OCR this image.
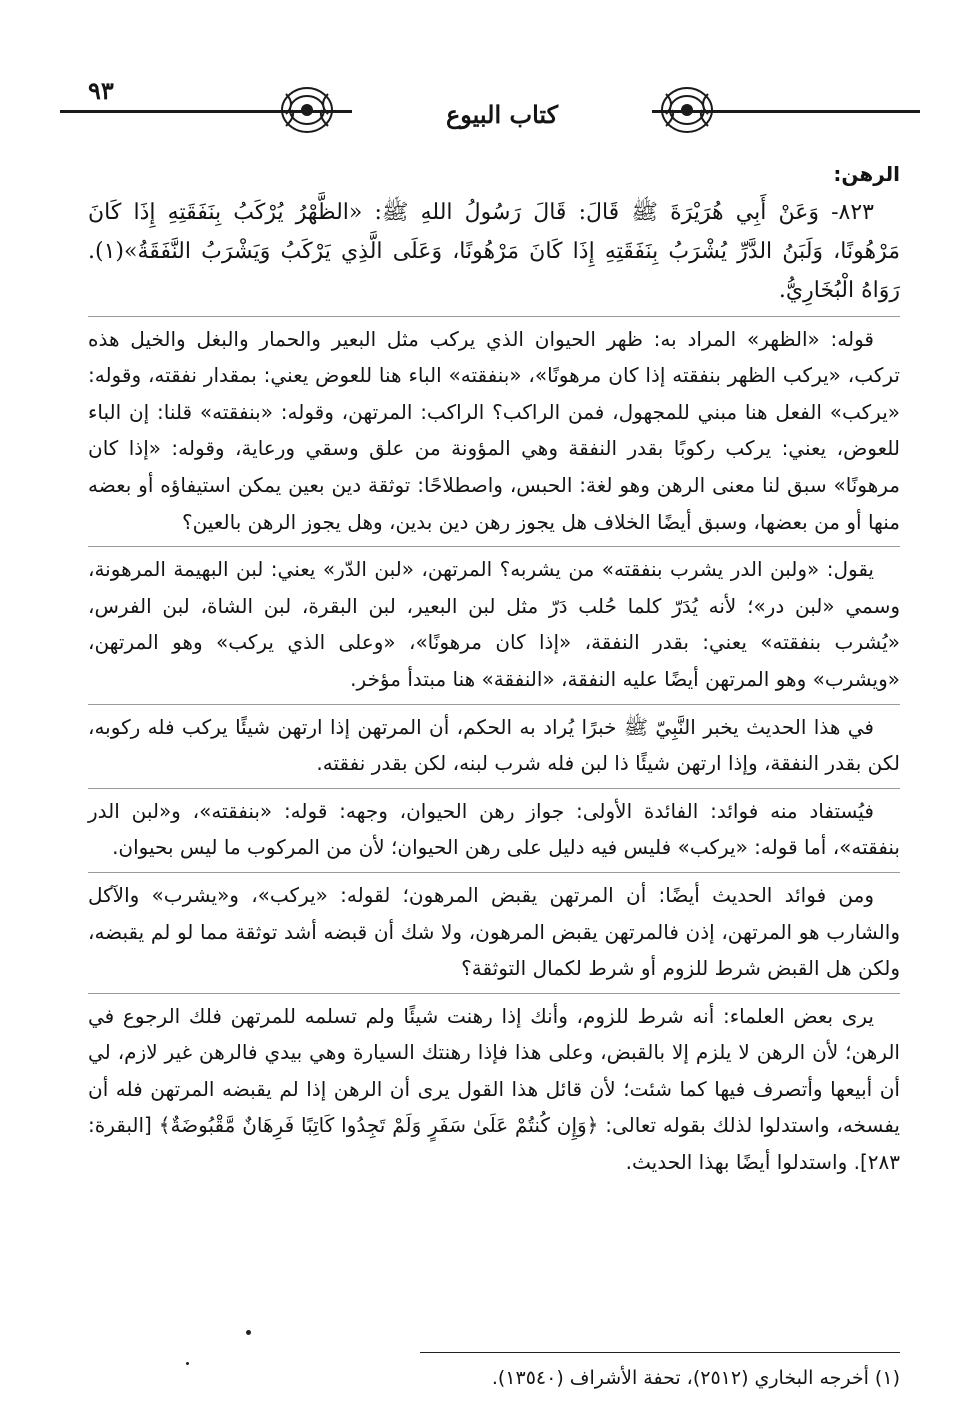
٩٣
كتاب البيوع

الرهن:

٨٢٣- وَعَنْ أَبِي هُرَيْرَةَ ﷺ قَالَ: قَالَ رَسُولُ اللهِ ﷺ: «الظَّهْرُ يُرْكَبُ بِنَفَقَتِهِ إِذَا كَانَ مَرْهُونًا، وَلَبَنُ الدَّرِّ يُشْرَبُ بِنَفَقَتِهِ إِذَا كَانَ مَرْهُونًا، وَعَلَى الَّذِي يَرْكَبُ وَيَشْرَبُ النَّفَقَةُ»(١). رَوَاهُ الْبُخَارِيُّ.

قوله: «الظهر» المراد به: ظهر الحيوان الذي يركب مثل البعير والحمار والبغل والخيل هذه تركب، «يركب الظهر بنفقته إذا كان مرهونًا»، «بنفقته» الباء هنا للعوض يعني: بمقدار نفقته، وقوله: «يركب» الفعل هنا مبني للمجهول، فمن الراكب؟ الراكب: المرتهن، وقوله: «بنفقته» قلنا: إن الباء للعوض، يعني: يركب ركوبًا بقدر النفقة وهي المؤونة من علق وسقي ورعاية، وقوله: «إذا كان مرهونًا» سبق لنا معنى الرهن وهو لغة: الحبس، واصطلاحًا: توثقة دين بعين يمكن استيفاؤه أو بعضه منها أو من بعضها، وسبق أيضًا الخلاف هل يجوز رهن دين بدين، وهل يجوز الرهن بالعين؟

يقول: «ولبن الدر يشرب بنفقته» من يشربه؟ المرتهن، «لبن الدّر» يعني: لبن البهيمة المرهونة، وسمي «لبن در»؛ لأنه يُدَرّ كلما حُلب دَرّ مثل لبن البعير، لبن البقرة، لبن الشاة، لبن الفرس، «يُشرب بنفقته» يعني: بقدر النفقة، «إذا كان مرهونًا»، «وعلى الذي يركب» وهو المرتهن، «ويشرب» وهو المرتهن أيضًا عليه النفقة، «النفقة» هنا مبتدأ مؤخر.

في هذا الحديث يخبر النَّبِيّ ﷺ خبرًا يُراد به الحكم، أن المرتهن إذا ارتهن شيئًا يركب فله ركوبه، لكن بقدر النفقة، وإذا ارتهن شيئًا ذا لبن فله شرب لبنه، لكن بقدر نفقته.

فيُستفاد منه فوائد: الفائدة الأولى: جواز رهن الحيوان، وجهه: قوله: «بنفقته»، و«لبن الدر بنفقته»، أما قوله: «يركب» فليس فيه دليل على رهن الحيوان؛ لأن من المركوب ما ليس بحيوان.

ومن فوائد الحديث أيضًا: أن المرتهن يقبض المرهون؛ لقوله: «يركب»، و«يشرب» والآكل والشارب هو المرتهن، إذن فالمرتهن يقبض المرهون، ولا شك أن قبضه أشد توثقة مما لو لم يقبضه، ولكن هل القبض شرط للزوم أو شرط لكمال التوثقة؟

يرى بعض العلماء: أنه شرط للزوم، وأنك إذا رهنت شيئًا ولم تسلمه للمرتهن فلك الرجوع في الرهن؛ لأن الرهن لا يلزم إلا بالقبض، وعلى هذا فإذا رهنتك السيارة وهي بيدي فالرهن غير لازم، لي أن أبيعها وأتصرف فيها كما شئت؛ لأن قائل هذا القول يرى أن الرهن إذا لم يقبضه المرتهن فله أن يفسخه، واستدلوا لذلك بقوله تعالى: ﴿وَإِن كُنتُمْ عَلَىٰ سَفَرٍ وَلَمْ تَجِدُوا كَاتِبًا فَرِهَانٌ مَّقْبُوضَةٌ﴾ [البقرة: ٢٨٣]. واستدلوا أيضًا بهذا الحديث.

(١) أخرجه البخاري (٢٥١٢)، تحفة الأشراف (١٣٥٤٠).
